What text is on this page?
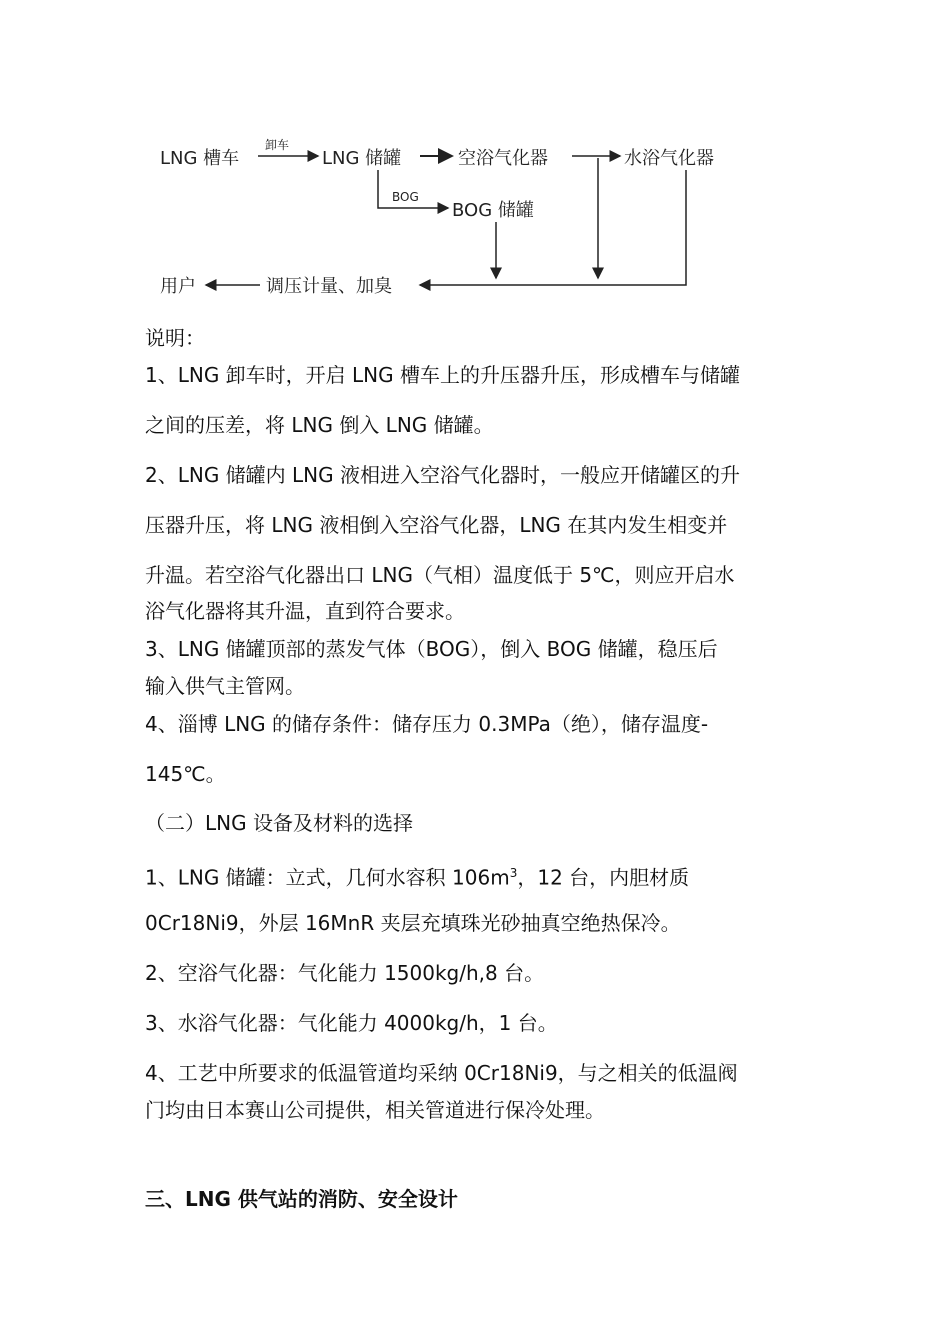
LNG 槽车
卸车
LNG 储罐	空浴气化器	水浴气化器
BOG
BOG 储罐
调压计量、加臭
用户
说明：
1、LNG 卸车时，开启 LNG 槽车上的升压器升压，形成槽车与储罐
之间的压差，将 LNG 倒入 LNG 储罐。
2、LNG 储罐内 LNG 液相进入空浴气化器时，一般应开储罐区的升
压器升压，将 LNG 液相倒入空浴气化器，LNG 在其内发生相变并
升温。若空浴气化器出口 LNG（气相）温度低于 5℃，则应开启水
浴气化器将其升温，直到符合要求。
3、LNG 储罐顶部的蒸发气体（BOG），倒入 BOG 储罐，稳压后
输入供气主管网。
4、淄博 LNG 的储存条件：储存压力 0.3MPa（绝），储存温度-
145℃。
（二）LNG 设备及材料的选择
1、LNG 储罐：立式，几何水容积 $106m^3$，12 台，内胆材质
0Cr18Ni9，外层 16MnR 夹层充填珠光砂抽真空绝热保冷。
2、空浴气化器：气化能力 1500kg/h,8 台。
3、水浴气化器：气化能力 4000kg/h，1 台。
4、工艺中所要求的低温管道均采纳 0Cr18Ni9，与之相关的低温阀
门均由日本赛山公司提供，相关管道进行保冷处理。
三、LNG 供气站的消防、安全设计
